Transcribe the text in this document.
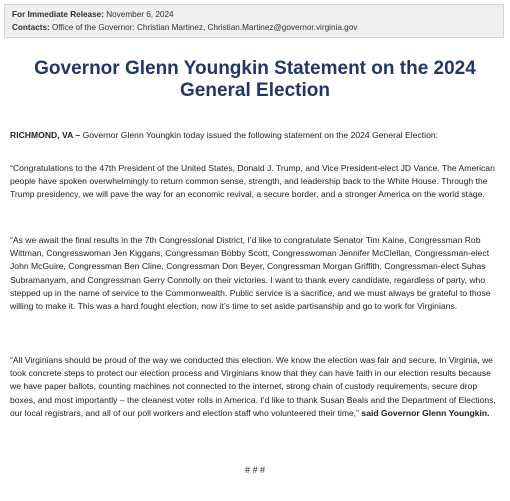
For Immediate Release: November 6, 2024
Contacts: Office of the Governor: Christian Martinez, Christian.Martinez@governor.virginia.gov
Governor Glenn Youngkin Statement on the 2024 General Election

RICHMOND, VA – Governor Glenn Youngkin today issued the following statement on the 2024 General Election:

“Congratulations to the 47th President of the United States, Donald J. Trump, and Vice President-elect JD Vance. The American people have spoken overwhelmingly to return common sense, strength, and leadership back to the White House. Through the Trump presidency, we will pave the way for an economic revival, a secure border, and a stronger America on the world stage.

“As we await the final results in the 7th Congressional District, I’d like to congratulate Senator Tim Kaine, Congressman Rob Wittman, Congresswoman Jen Kiggans, Congressman Bobby Scott, Congresswoman Jennifer McClellan, Congressman-elect John McGuire, Congressman Ben Cline, Congressman Don Beyer, Congressman Morgan Griffith, Congressman-elect Suhas Subramanyam, and Congressman Gerry Connolly on their victories. I want to thank every candidate, regardless of party, who stepped up in the name of service to the Commonwealth. Public service is a sacrifice, and we must always be grateful to those willing to make it. This was a hard fought election, now it’s time to set aside partisanship and go to work for Virginians.

“All Virginians should be proud of the way we conducted this election. We know the election was fair and secure. In Virginia, we took concrete steps to protect our election process and Virginians know that they can have faith in our election results because we have paper ballots, counting machines not connected to the internet, strong chain of custody requirements, secure drop boxes, and most importantly – the cleanest voter rolls in America. I’d like to thank Susan Beals and the Department of Elections, our local registrars, and all of our poll workers and election staff who volunteered their time,” said Governor Glenn Youngkin.

# # #
